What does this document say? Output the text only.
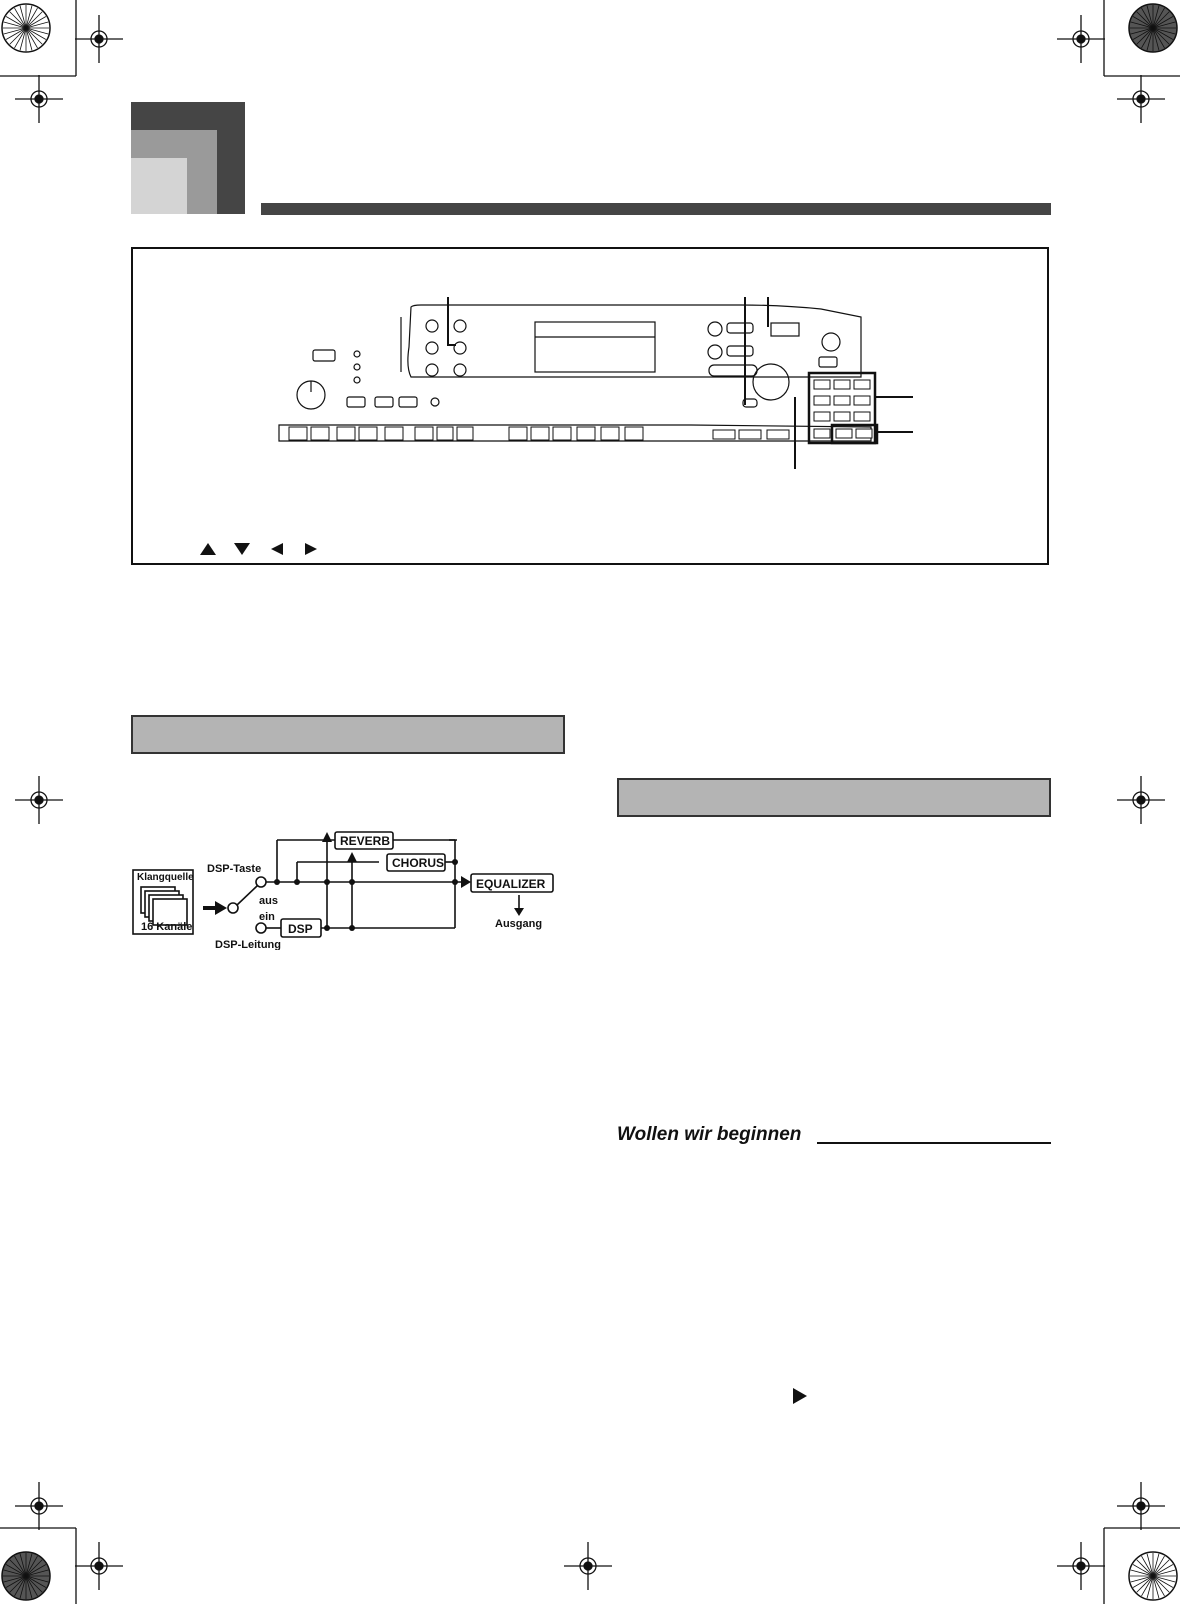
Klangquelle
16 Kanäle
DSP-Taste
aus
ein
DSP-Leitung
REVERB
CHORUS
DSP
EQUALIZER
Ausgang
Wollen wir beginnen
